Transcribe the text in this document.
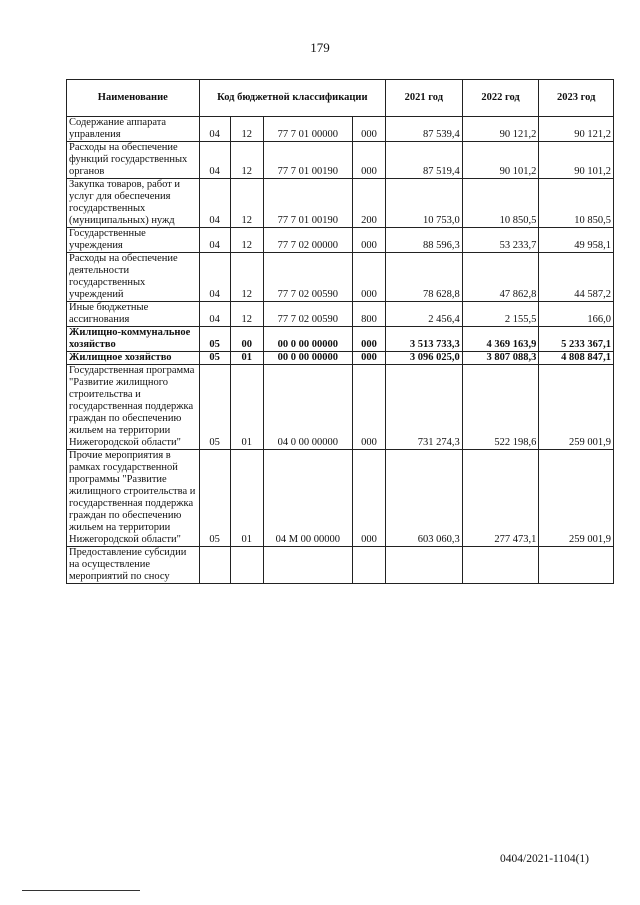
179
Наименование	Код бюджетной классификации				2021 год	2022 год	2023 год
Содержание аппарата управления	04	12	77 7 01 00000	000	87 539,4	90 121,2	90 121,2
Расходы на обеспечение функций государственных органов	04	12	77 7 01 00190	000	87 519,4	90 101,2	90 101,2
Закупка товаров, работ и услуг для обеспечения государственных (муниципальных) нужд	04	12	77 7 01 00190	200	10 753,0	10 850,5	10 850,5
Государственные учреждения	04	12	77 7 02 00000	000	88 596,3	53 233,7	49 958,1
Расходы на обеспечение деятельности государственных учреждений	04	12	77 7 02 00590	000	78 628,8	47 862,8	44 587,2
Иные бюджетные ассигнования	04	12	77 7 02 00590	800	2 456,4	2 155,5	166,0
Жилищно-коммунальное хозяйство	05	00	00 0 00 00000	000	3 513 733,3	4 369 163,9	5 233 367,1
Жилищное хозяйство	05	01	00 0 00 00000	000	3 096 025,0	3 807 088,3	4 808 847,1
Государственная программа "Развитие жилищного строительства и государственная поддержка граждан по обеспечению жильем на территории Нижегородской области"	05	01	04 0 00 00000	000	731 274,3	522 198,6	259 001,9
Прочие мероприятия в рамках государственной программы "Развитие жилищного строительства и государственная поддержка граждан по обеспечению жильем на территории Нижегородской области"	05	01	04 М 00 00000	000	603 060,3	277 473,1	259 001,9
Предоставление субсидии на осуществление мероприятий по сносу							
0404/2021-1104(1)
